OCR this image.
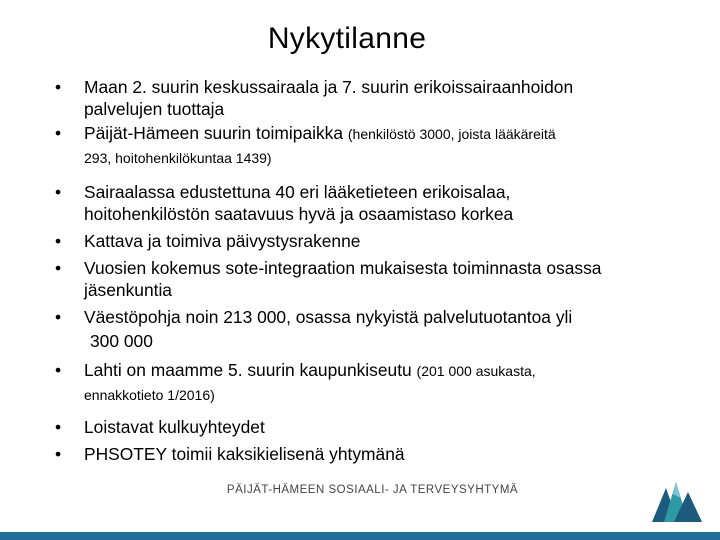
Nykytilanne
• Maan 2. suurin keskussairaala ja 7. suurin erikoissairaanhoidon
palvelujen tuottaja
• Päijät-Hämeen suurin toimipaikka (henkilöstö 3000, joista lääkäreitä
293, hoitohenkilökuntaa 1439)
• Sairaalassa edustettuna 40 eri lääketieteen erikoisalaa,
hoitohenkilöstön saatavuus hyvä ja osaamistaso korkea
• Kattava ja toimiva päivystysrakenne
• Vuosien kokemus sote-integraation mukaisesta toiminnasta osassa
jäsenkuntia
• Väestöpohja noin 213 000, osassa nykyistä palvelutuotantoa yli
300 000
• Lahti on maamme 5. suurin kaupunkiseutu (201 000 asukasta,
ennakkotieto 1/2016)
• Loistavat kulkuyhteydet
• PHSOTEY toimii kaksikielisenä yhtymänä
PÄIJÄT-HÄMEEN SOSIAALI- JA TERVEYSYHTYMÄ
